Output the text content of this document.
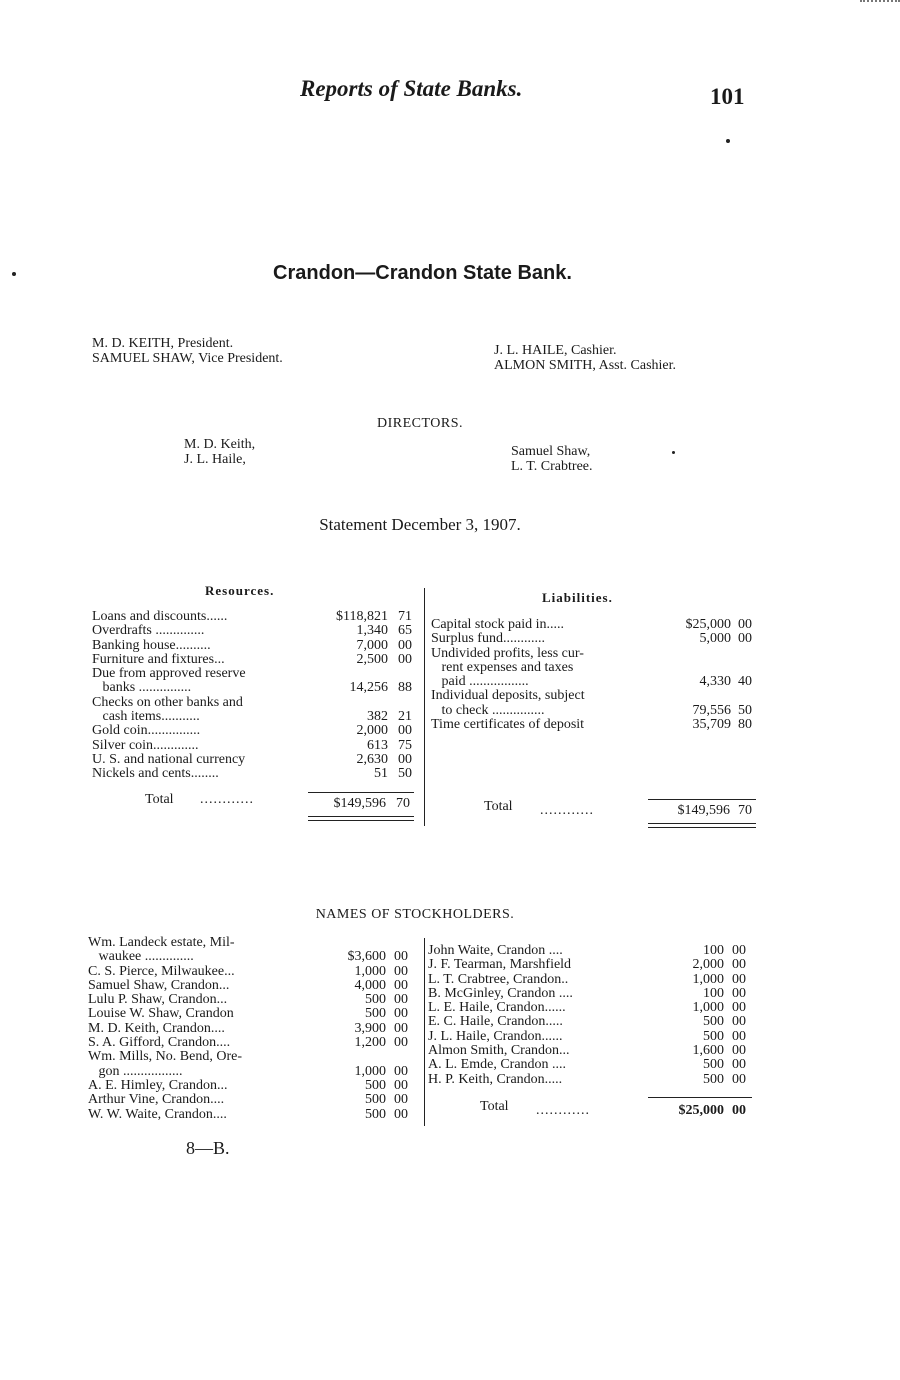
Reports of State Banks.	101
Crandon—Crandon State Bank.
M. D. KEITH, President.
SAMUEL SHAW, Vice President.
J. L. HAILE, Cashier.
ALMON SMITH, Asst. Cashier.
DIRECTORS.
M. D. Keith,
J. L. Haile,
Samuel Shaw,
L. T. Crabtree.
Statement December 3, 1907.
Resources.
Loans and discounts......	$118,821 71
Overdrafts ..............	1,340 65
Banking house..........	7,000 00
Furniture and fixtures...	2,500 00
Due from approved reserve
banks ...............	14,256 88
Checks on other banks and
cash items...........	382 21
Gold coin...............	2,000 00
Silver coin.............	613 75
U. S. and national currency	2,630 00
Nickels and cents........	51 50
Total ............	$149,596 70
Liabilities.
Capital stock paid in.....	$25,000 00
Surplus fund............	5,000 00
Undivided profits, less cur-
rent expenses and taxes
paid .................	4,330 40
Individual deposits, subject
to check ...............	79,556 50
Time certificates of deposit	35,709 80
Total ............	$149,596 70
NAMES OF STOCKHOLDERS.
Wm. Landeck estate, Mil-
waukee ..............	$3,600 00
C. S. Pierce, Milwaukee...	1,000 00
Samuel Shaw, Crandon...	4,000 00
Lulu P. Shaw, Crandon...	500 00
Louise W. Shaw, Crandon	500 00
M. D. Keith, Crandon....	3,900 00
S. A. Gifford, Crandon....	1,200 00
Wm. Mills, No. Bend, Ore-
gon .................	1,000 00
A. E. Himley, Crandon...	500 00
Arthur Vine, Crandon....	500 00
W. W. Waite, Crandon....	500 00
John Waite, Crandon ....	100 00
J. F. Tearman, Marshfield	2,000 00
L. T. Crabtree, Crandon..	1,000 00
B. McGinley, Crandon ....	100 00
L. E. Haile, Crandon......	1,000 00
E. C. Haile, Crandon.....	500 00
J. L. Haile, Crandon......	500 00
Almon Smith, Crandon...	1,600 00
A. L. Emde, Crandon ....	500 00
H. P. Keith, Crandon.....	500 00
Total ............	$25,000 00
8—B.
